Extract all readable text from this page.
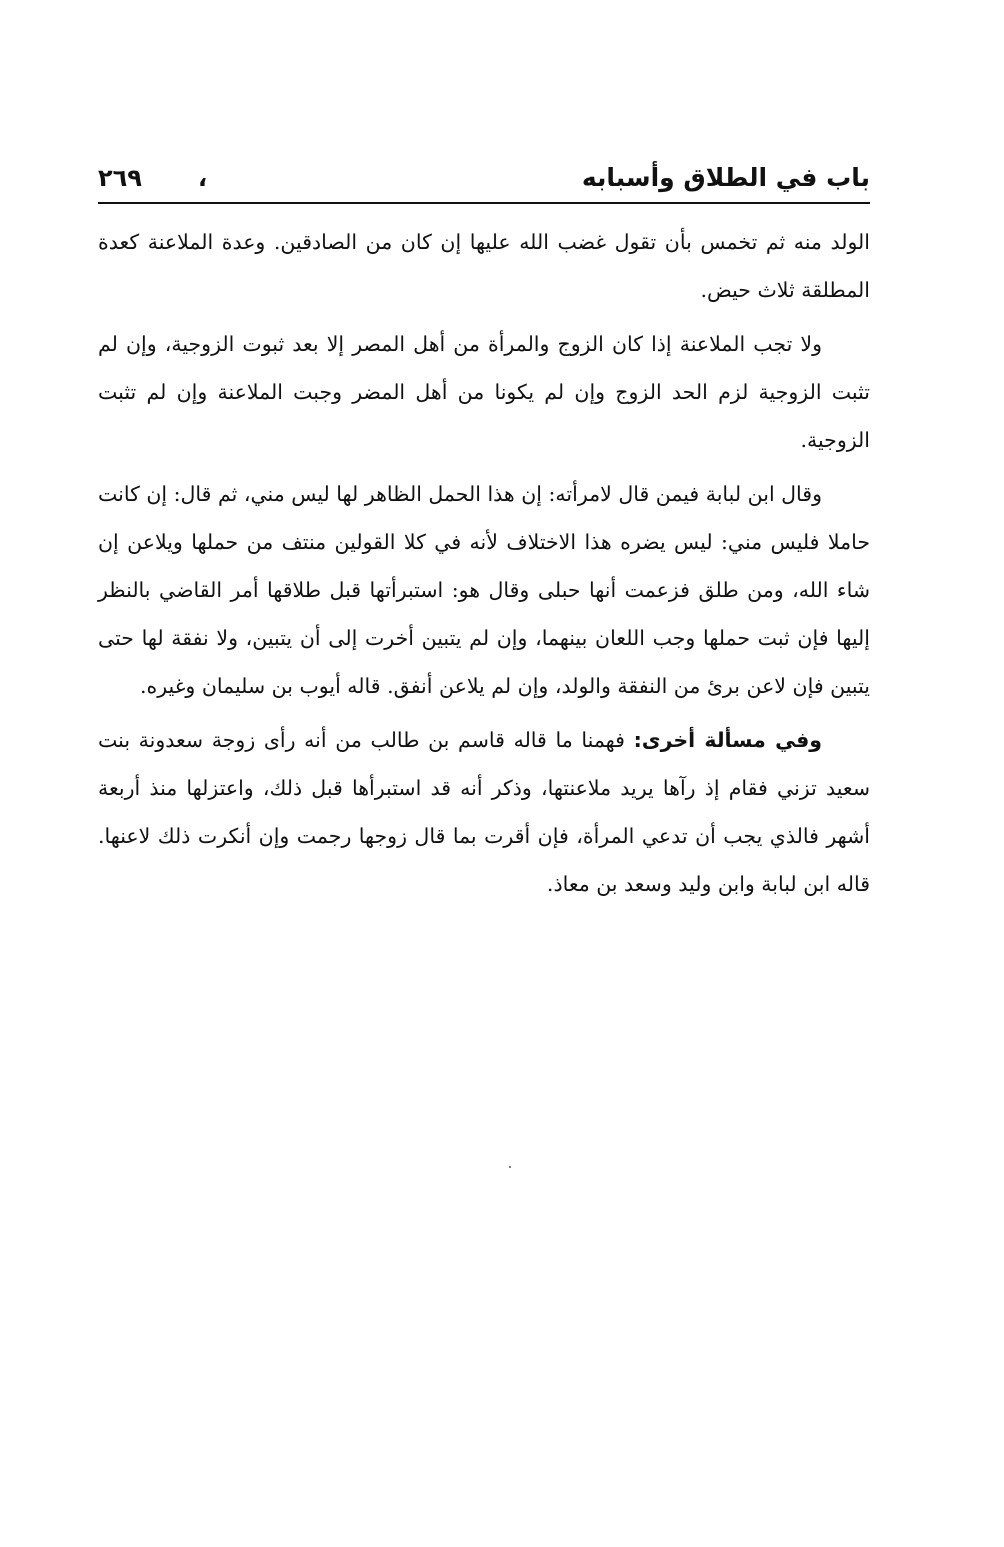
٢٦٩ ،	باب في الطلاق وأسبابه

الولد منه ثم تخمس بأن تقول غضب الله عليها إن كان من الصادقين. وعدة الملاعنة كعدة المطلقة ثلاث حيض.

ولا تجب الملاعنة إذا كان الزوج والمرأة من أهل المصر إلا بعد ثبوت الزوجية، وإن لم تثبت الزوجية لزم الحد الزوج وإن لم يكونا من أهل المضر وجبت الملاعنة وإن لم تثبت الزوجية.

وقال ابن لبابة فيمن قال لامرأته: إن هذا الحمل الظاهر لها ليس مني، ثم قال: إن كانت حاملا فليس مني: ليس يضره هذا الاختلاف لأنه في كلا القولين منتف من حملها ويلاعن إن شاء الله، ومن طلق فزعمت أنها حبلى وقال هو: استبرأتها قبل طلاقها أمر القاضي بالنظر إليها فإن ثبت حملها وجب اللعان بينهما، وإن لم يتبين أخرت إلى أن يتبين، ولا نفقة لها حتى يتبين فإن لاعن برئ من النفقة والولد، وإن لم يلاعن أنفق. قاله أيوب بن سليمان وغيره.

وفي مسألة أخرى: فهمنا ما قاله قاسم بن طالب من أنه رأى زوجة سعدونة بنت سعيد تزني فقام إذ رآها يريد ملاعنتها، وذكر أنه قد استبرأها قبل ذلك، واعتزلها منذ أربعة أشهر فالذي يجب أن تدعي المرأة، فإن أقرت بما قال زوجها رجمت وإن أنكرت ذلك لاعنها. قاله ابن لبابة وابن وليد وسعد بن معاذ.
